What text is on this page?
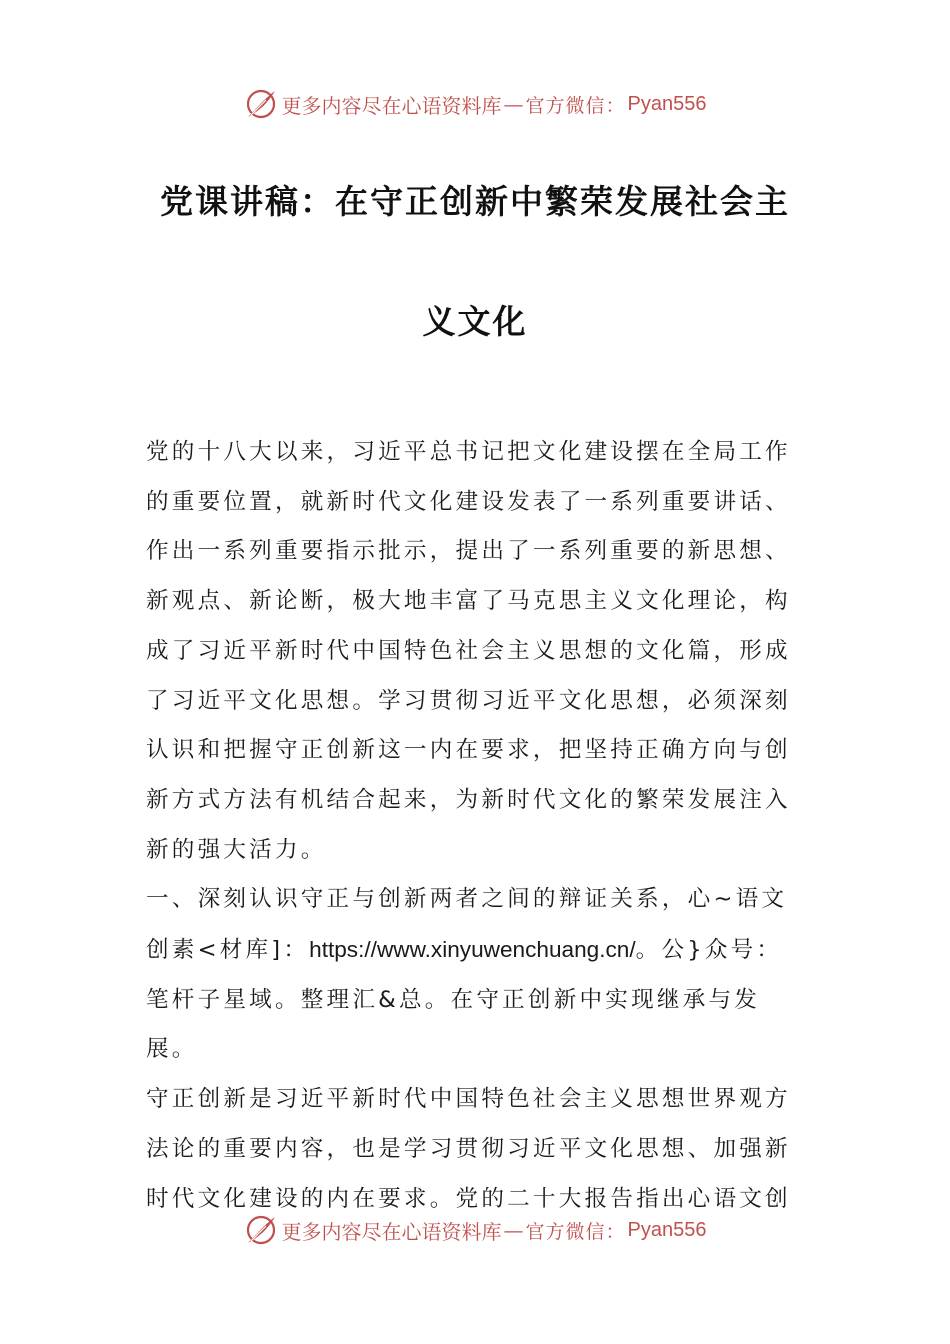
更多内容尽在心语资料库 — 官方微信： Pyan556
党课讲稿：在守正创新中繁荣发展社会主
义文化

党的十八大以来，习近平总书记把文化建设摆在全局工作的重要位置，就新时代文化建设发表了一系列重要讲话、作出一系列重要指示批示，提出了一系列重要的新思想、新观点、新论断，极大地丰富了马克思主义文化理论，构成了习近平新时代中国特色社会主义思想的文化篇，形成了习近平文化思想。学习贯彻习近平文化思想，必须深刻认识和把握守正创新这一内在要求，把坚持正确方向与创新方式方法有机结合起来，为新时代文化的繁荣发展注入新的强大活力。

一、深刻认识守正与创新两者之间的辩证关系，心~语文创素<材库]：https://www.xinyuwenchuang.cn/。公}众号：笔杆子星域。整理汇&总。在守正创新中实现继承与发展。

守正创新是习近平新时代中国特色社会主义思想世界观方法论的重要内容，也是学习贯彻习近平文化思想、加强新时代文化建设的内在要求。党的二十大报告指出心语文创

更多内容尽在心语资料库 — 官方微信： Pyan556
